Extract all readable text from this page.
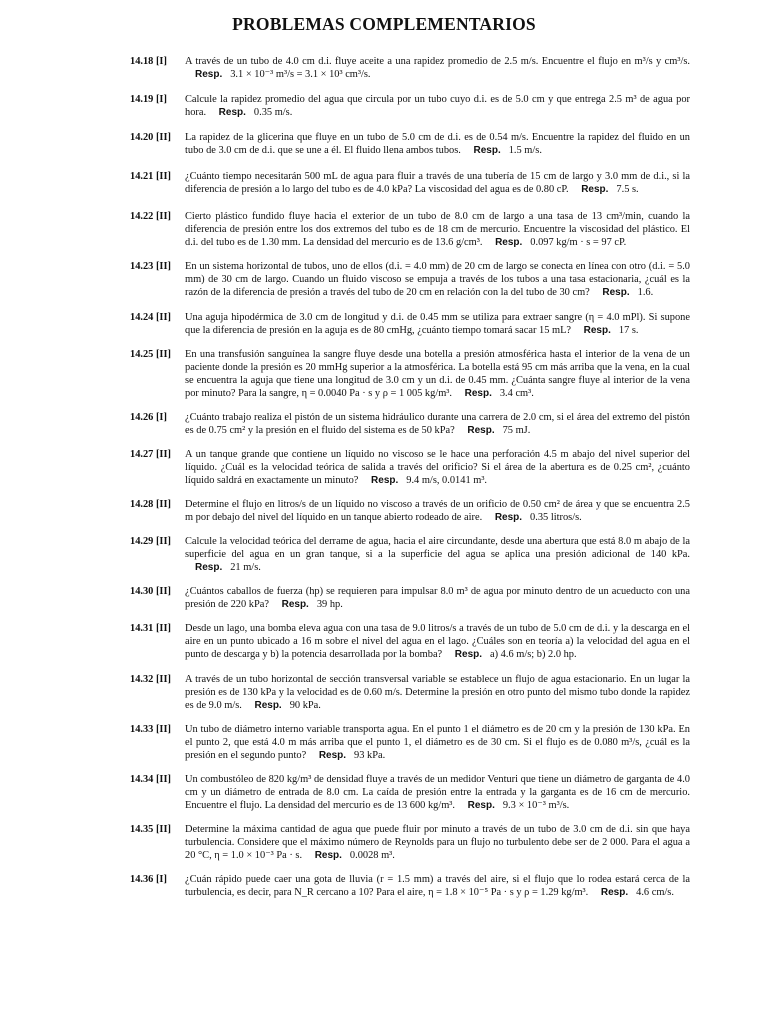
PROBLEMAS COMPLEMENTARIOS
14.18 [I]	A través de un tubo de 4.0 cm d.i. fluye aceite a una rapidez promedio de 2.5 m/s. Encuentre el flujo en m³/s y cm³/s. Resp. 3.1 × 10⁻³ m³/s = 3.1 × 10³ cm³/s.
14.19 [I]	Calcule la rapidez promedio del agua que circula por un tubo cuyo d.i. es de 5.0 cm y que entrega 2.5 m³ de agua por hora. Resp. 0.35 m/s.
14.20 [II]	La rapidez de la glicerina que fluye en un tubo de 5.0 cm de d.i. es de 0.54 m/s. Encuentre la rapidez del fluido en un tubo de 3.0 cm de d.i. que se une a él. El fluido llena ambos tubos. Resp. 1.5 m/s.
14.21 [II]	¿Cuánto tiempo necesitarán 500 mL de agua para fluir a través de una tubería de 15 cm de largo y 3.0 mm de d.i., si la diferencia de presión a lo largo del tubo es de 4.0 kPa? La viscosidad del agua es de 0.80 cP. Resp. 7.5 s.
14.22 [II]	Cierto plástico fundido fluye hacia el exterior de un tubo de 8.0 cm de largo a una tasa de 13 cm³/min, cuando la diferencia de presión entre los dos extremos del tubo es de 18 cm de mercurio. Encuentre la viscosidad del plástico. El d.i. del tubo es de 1.30 mm. La densidad del mercurio es de 13.6 g/cm³. Resp. 0.097 kg/m · s = 97 cP.
14.23 [II]	En un sistema horizontal de tubos, uno de ellos (d.i. = 4.0 mm) de 20 cm de largo se conecta en línea con otro (d.i. = 5.0 mm) de 30 cm de largo. Cuando un fluido viscoso se empuja a través de los tubos a una tasa estacionaria, ¿cuál es la razón de la diferencia de presión a través del tubo de 20 cm en relación con la del tubo de 30 cm? Resp. 1.6.
14.24 [II]	Una aguja hipodérmica de 3.0 cm de longitud y d.i. de 0.45 mm se utiliza para extraer sangre (η = 4.0 mPl). Si supone que la diferencia de presión en la aguja es de 80 cmHg, ¿cuánto tiempo tomará sacar 15 mL? Resp. 17 s.
14.25 [II]	En una transfusión sanguínea la sangre fluye desde una botella a presión atmosférica hasta el interior de la vena de un paciente donde la presión es 20 mmHg superior a la atmosférica. La botella está 95 cm más arriba que la vena, en la cual se encuentra la aguja que tiene una longitud de 3.0 cm y un d.i. de 0.45 mm. ¿Cuánta sangre fluye al interior de la vena por minuto? Para la sangre, η = 0.0040 Pa · s y ρ = 1 005 kg/m³. Resp. 3.4 cm³.
14.26 [I]	¿Cuánto trabajo realiza el pistón de un sistema hidráulico durante una carrera de 2.0 cm, si el área del extremo del pistón es de 0.75 cm² y la presión en el fluido del sistema es de 50 kPa? Resp. 75 mJ.
14.27 [II]	A un tanque grande que contiene un líquido no viscoso se le hace una perforación 4.5 m abajo del nivel superior del líquido. ¿Cuál es la velocidad teórica de salida a través del orificio? Si el área de la abertura es de 0.25 cm², ¿cuánto líquido saldrá en exactamente un minuto? Resp. 9.4 m/s, 0.0141 m³.
14.28 [II]	Determine el flujo en litros/s de un líquido no viscoso a través de un orificio de 0.50 cm² de área y que se encuentra 2.5 m por debajo del nivel del líquido en un tanque abierto rodeado de aire. Resp. 0.35 litros/s.
14.29 [II]	Calcule la velocidad teórica del derrame de agua, hacia el aire circundante, desde una abertura que está 8.0 m abajo de la superficie del agua en un gran tanque, si a la superficie del agua se aplica una presión adicional de 140 kPa. Resp. 21 m/s.
14.30 [II]	¿Cuántos caballos de fuerza (hp) se requieren para impulsar 8.0 m³ de agua por minuto dentro de un acueducto con una presión de 220 kPa? Resp. 39 hp.
14.31 [II]	Desde un lago, una bomba eleva agua con una tasa de 9.0 litros/s a través de un tubo de 5.0 cm de d.i. y la descarga en el aire en un punto ubicado a 16 m sobre el nivel del agua en el lago. ¿Cuáles son en teoría a) la velocidad del agua en el punto de descarga y b) la potencia desarrollada por la bomba? Resp. a) 4.6 m/s; b) 2.0 hp.
14.32 [II]	A través de un tubo horizontal de sección transversal variable se establece un flujo de agua estacionario. En un lugar la presión es de 130 kPa y la velocidad es de 0.60 m/s. Determine la presión en otro punto del mismo tubo donde la rapidez es de 9.0 m/s. Resp. 90 kPa.
14.33 [II]	Un tubo de diámetro interno variable transporta agua. En el punto 1 el diámetro es de 20 cm y la presión de 130 kPa. En el punto 2, que está 4.0 m más arriba que el punto 1, el diámetro es de 30 cm. Si el flujo es de 0.080 m³/s, ¿cuál es la presión en el segundo punto? Resp. 93 kPa.
14.34 [II]	Un combustóleo de 820 kg/m³ de densidad fluye a través de un medidor Venturi que tiene un diámetro de garganta de 4.0 cm y un diámetro de entrada de 8.0 cm. La caída de presión entre la entrada y la garganta es de 16 cm de mercurio. Encuentre el flujo. La densidad del mercurio es de 13 600 kg/m³. Resp. 9.3 × 10⁻³ m³/s.
14.35 [II]	Determine la máxima cantidad de agua que puede fluir por minuto a través de un tubo de 3.0 cm de d.i. sin que haya turbulencia. Considere que el máximo número de Reynolds para un flujo no turbulento debe ser de 2 000. Para el agua a 20 °C, η = 1.0 × 10⁻³ Pa · s. Resp. 0.0028 m³.
14.36 [I]	¿Cuán rápido puede caer una gota de lluvia (r = 1.5 mm) a través del aire, si el flujo que lo rodea estará cerca de la turbulencia, es decir, para N_R cercano a 10? Para el aire, η = 1.8 × 10⁻⁵ Pa · s y ρ = 1.29 kg/m³. Resp. 4.6 cm/s.
